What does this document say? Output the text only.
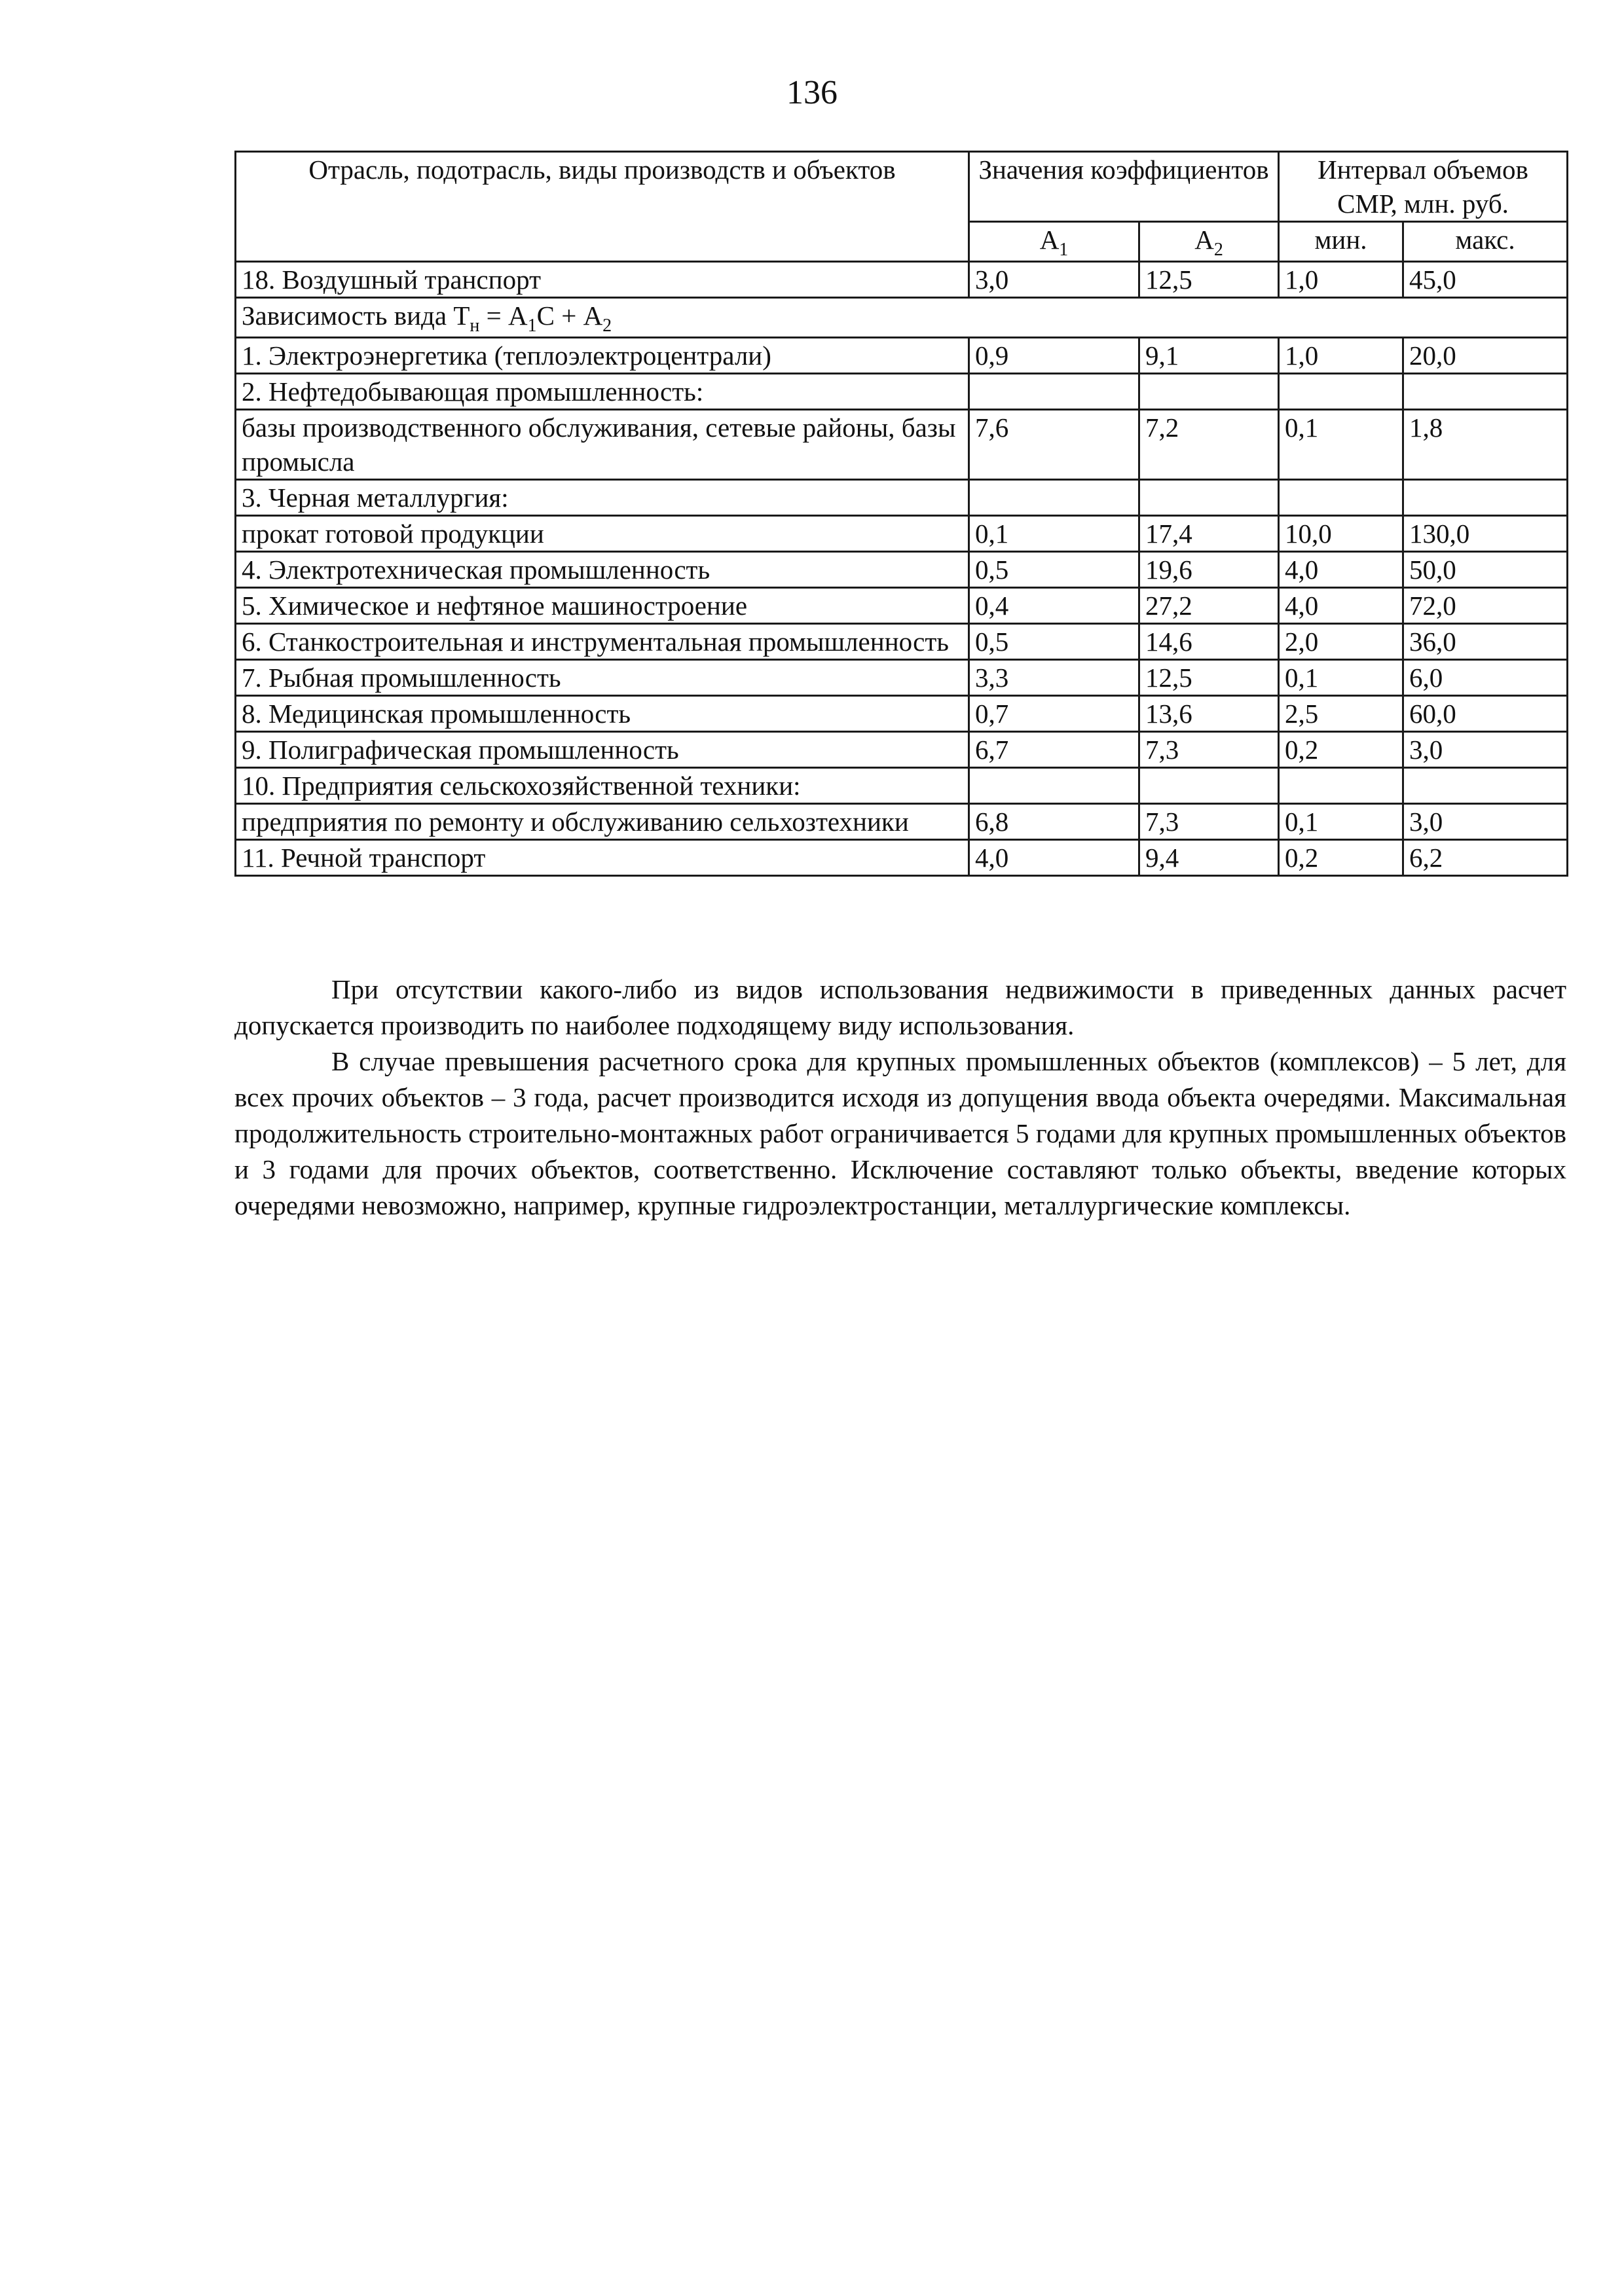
136
Отрасль, подотрасль, виды производств и объектов	Значения коэффициентов		Интервал объемов СМР, млн. руб.	
	$A_1$	$A_2$	мин.	макс.
18. Воздушный транспорт	3,0	12,5	1,0	45,0
Зависимость вида $Т_н = А_1С + А_2$
1. Электроэнергетика (теплоэлектроцентрали)	0,9	9,1	1,0	20,0
2. Нефтедобывающая промышленность:				
базы производственного обслуживания, сетевые районы, базы промысла	7,6	7,2	0,1	1,8
3. Черная металлургия:				
прокат готовой продукции	0,1	17,4	10,0	130,0
4. Электротехническая промышленность	0,5	19,6	4,0	50,0
5. Химическое и нефтяное машиностроение	0,4	27,2	4,0	72,0
6. Станкостроительная и инструментальная промышленность	0,5	14,6	2,0	36,0
7. Рыбная промышленность	3,3	12,5	0,1	6,0
8. Медицинская промышленность	0,7	13,6	2,5	60,0
9. Полиграфическая промышленность	6,7	7,3	0,2	3,0
10. Предприятия сельскохозяйственной техники:				
предприятия по ремонту и обслуживанию сельхозтехники	6,8	7,3	0,1	3,0
11. Речной транспорт	4,0	9,4	0,2	6,2

При отсутствии какого-либо из видов использования недвижимости в приведенных данных расчет допускается производить по наиболее подходящему виду использования.

В случае превышения расчетного срока для крупных промышленных объектов (комплексов) – 5 лет, для всех прочих объектов – 3 года, расчет производится исходя из допущения ввода объекта очередями. Максимальная продолжительность строительно-монтажных работ ограничивается 5 годами для крупных промышленных объектов и 3 годами для прочих объектов, соответственно. Исключение составляют только объекты, введение которых очередями невозможно, например, крупные гидроэлектростанции, металлургические комплексы.
